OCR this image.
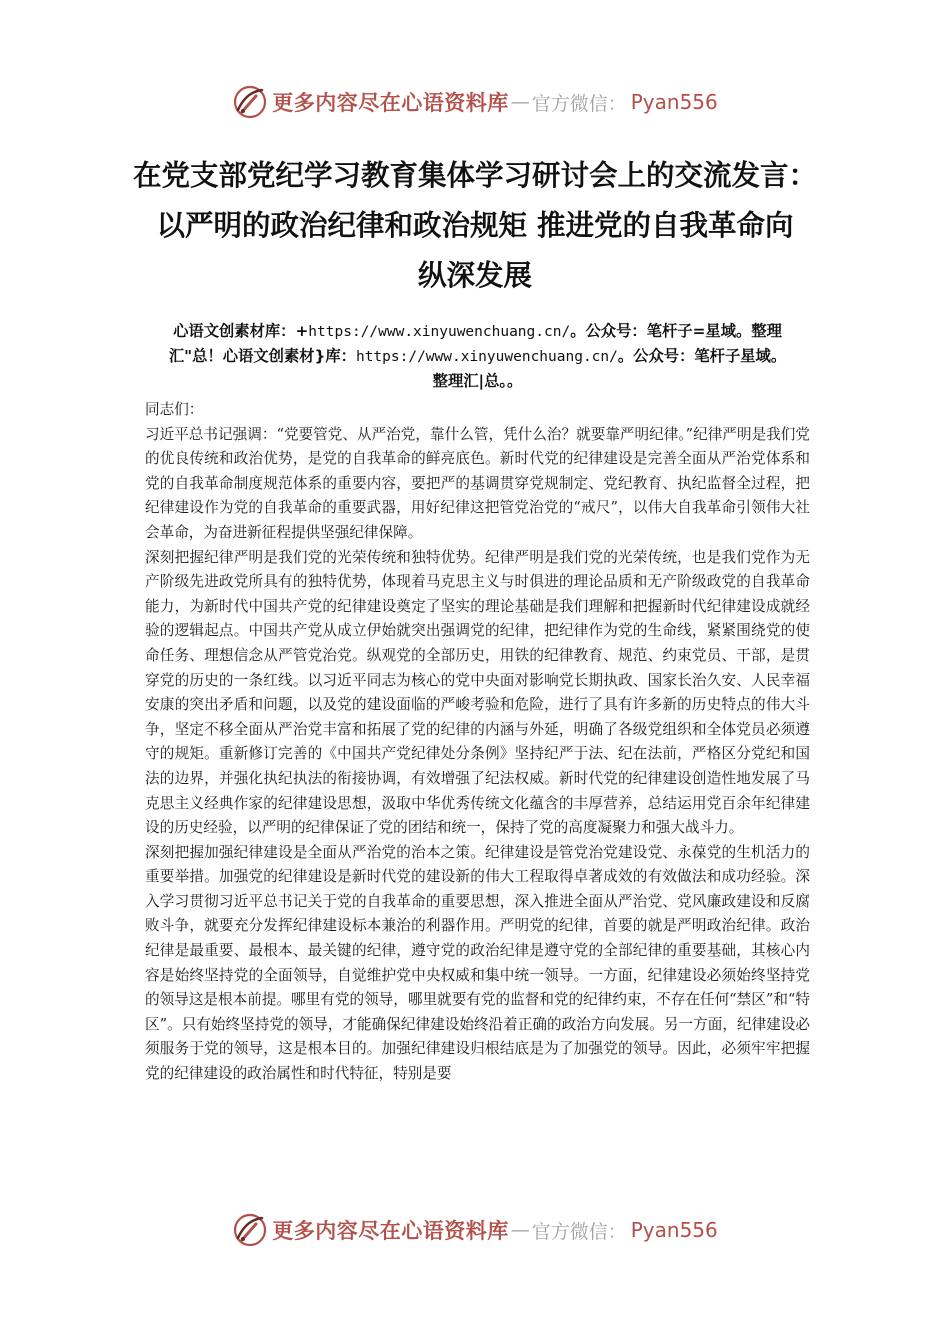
更多内容尽在心语资料库 — 官方微信： Pyan556
在党支部党纪学习教育集体学习研讨会上的交流发言：
以严明的政治纪律和政治规矩 推进党的自我革命向
纵深发展
心语文创素材库：+https://www.xinyuwenchuang.cn/。公众号：笔杆子=星域。整理
汇"总！心语文创素材}库：https://www.xinyuwenchuang.cn/。公众号：笔杆子星域。
整理汇|总。。

同志们：

习近平总书记强调：“党要管党、从严治党，靠什么管，凭什么治？就要靠严明纪律。”纪律严明是我们党的优良传统和政治优势，是党的自我革命的鲜亮底色。新时代党的纪律建设是完善全面从严治党体系和党的自我革命制度规范体系的重要内容，要把严的基调贯穿党规制定、党纪教育、执纪监督全过程，把纪律建设作为党的自我革命的重要武器，用好纪律这把管党治党的“戒尺”，以伟大自我革命引领伟大社会革命，为奋进新征程提供坚强纪律保障。

深刻把握纪律严明是我们党的光荣传统和独特优势。纪律严明是我们党的光荣传统，也是我们党作为无产阶级先进政党所具有的独特优势，体现着马克思主义与时俱进的理论品质和无产阶级政党的自我革命能力，为新时代中国共产党的纪律建设奠定了坚实的理论基础是我们理解和把握新时代纪律建设成就经验的逻辑起点。中国共产党从成立伊始就突出强调党的纪律，把纪律作为党的生命线，紧紧围绕党的使命任务、理想信念从严管党治党。纵观党的全部历史，用铁的纪律教育、规范、约束党员、干部，是贯穿党的历史的一条红线。以习近平同志为核心的党中央面对影响党长期执政、国家长治久安、人民幸福安康的突出矛盾和问题，以及党的建设面临的严峻考验和危险，进行了具有许多新的历史特点的伟大斗争，坚定不移全面从严治党丰富和拓展了党的纪律的内涵与外延，明确了各级党组织和全体党员必须遵守的规矩。重新修订完善的《中国共产党纪律处分条例》坚持纪严于法、纪在法前，严格区分党纪和国法的边界，并强化执纪执法的衔接协调，有效增强了纪法权威。新时代党的纪律建设创造性地发展了马克思主义经典作家的纪律建设思想，汲取中华优秀传统文化蕴含的丰厚营养，总结运用党百余年纪律建设的历史经验，以严明的纪律保证了党的团结和统一，保持了党的高度凝聚力和强大战斗力。

深刻把握加强纪律建设是全面从严治党的治本之策。纪律建设是管党治党建设党、永葆党的生机活力的重要举措。加强党的纪律建设是新时代党的建设新的伟大工程取得卓著成效的有效做法和成功经验。深入学习贯彻习近平总书记关于党的自我革命的重要思想，深入推进全面从严治党、党风廉政建设和反腐败斗争，就要充分发挥纪律建设标本兼治的利器作用。严明党的纪律，首要的就是严明政治纪律。政治纪律是最重要、最根本、最关键的纪律，遵守党的政治纪律是遵守党的全部纪律的重要基础，其核心内容是始终坚持党的全面领导，自觉维护党中央权威和集中统一领导。一方面，纪律建设必须始终坚持党的领导这是根本前提。哪里有党的领导，哪里就要有党的监督和党的纪律约束，不存在任何“禁区”和“特区”。只有始终坚持党的领导，才能确保纪律建设始终沿着正确的政治方向发展。另一方面，纪律建设必须服务于党的领导，这是根本目的。加强纪律建设归根结底是为了加强党的领导。因此，必须牢牢把握党的纪律建设的政治属性和时代特征，特别是要

更多内容尽在心语资料库 — 官方微信： Pyan556
